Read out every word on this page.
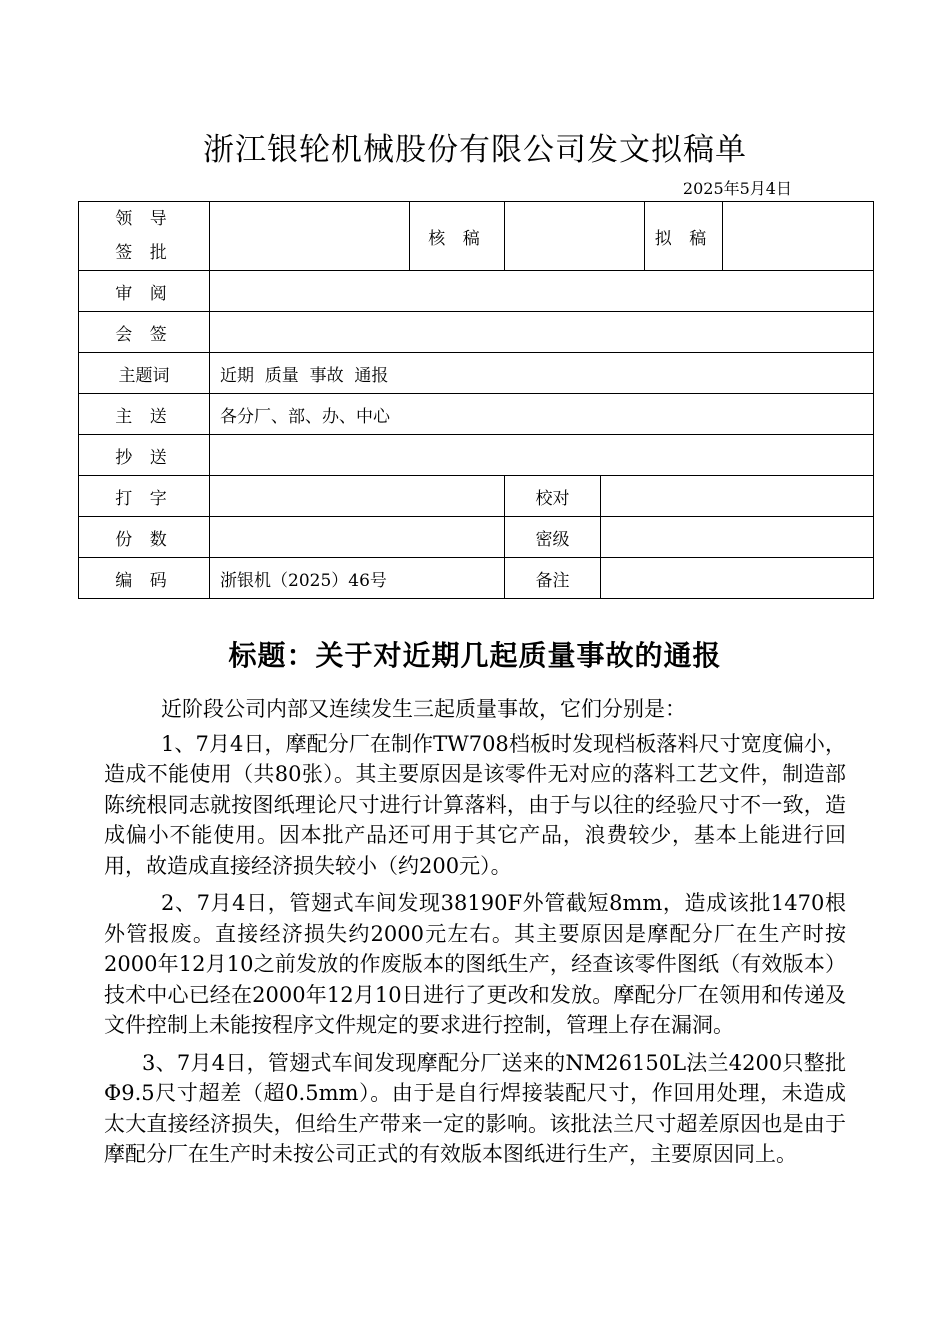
浙江银轮机械股份有限公司发文拟稿单
2025年5月4日
领 导
签 批		核 稿			拟 稿	
审 阅						
会 签						
主题词	近期  质量  事故  通报					
主 送	各分厂、部、办、中心					
抄 送						
打 字			校对			
份 数			密级			
编 码	浙银机（2025）46号		备注			
标题：关于对近期几起质量事故的通报

近阶段公司内部又连续发生三起质量事故，它们分别是：

1、7月4日，摩配分厂在制作TW708档板时发现档板落料尺寸宽度偏小，造成不能使用（共80张）。其主要原因是该零件无对应的落料工艺文件，制造部陈统根同志就按图纸理论尺寸进行计算落料，由于与以往的经验尺寸不一致，造成偏小不能使用。因本批产品还可用于其它产品，浪费较少，基本上能进行回用，故造成直接经济损失较小（约200元）。

2、7月4日，管翅式车间发现38190F外管截短8mm，造成该批1470根外管报废。直接经济损失约2000元左右。其主要原因是摩配分厂在生产时按2000年12月10之前发放的作废版本的图纸生产，经查该零件图纸（有效版本）技术中心已经在2000年12月10日进行了更改和发放。摩配分厂在领用和传递及文件控制上未能按程序文件规定的要求进行控制，管理上存在漏洞。

3、7月4日，管翅式车间发现摩配分厂送来的NM26150L法兰4200只整批Φ9.5尺寸超差（超0.5mm）。由于是自行焊接装配尺寸，作回用处理，未造成太大直接经济损失，但给生产带来一定的影响。该批法兰尺寸超差原因也是由于摩配分厂在生产时未按公司正式的有效版本图纸进行生产，主要原因同上。
